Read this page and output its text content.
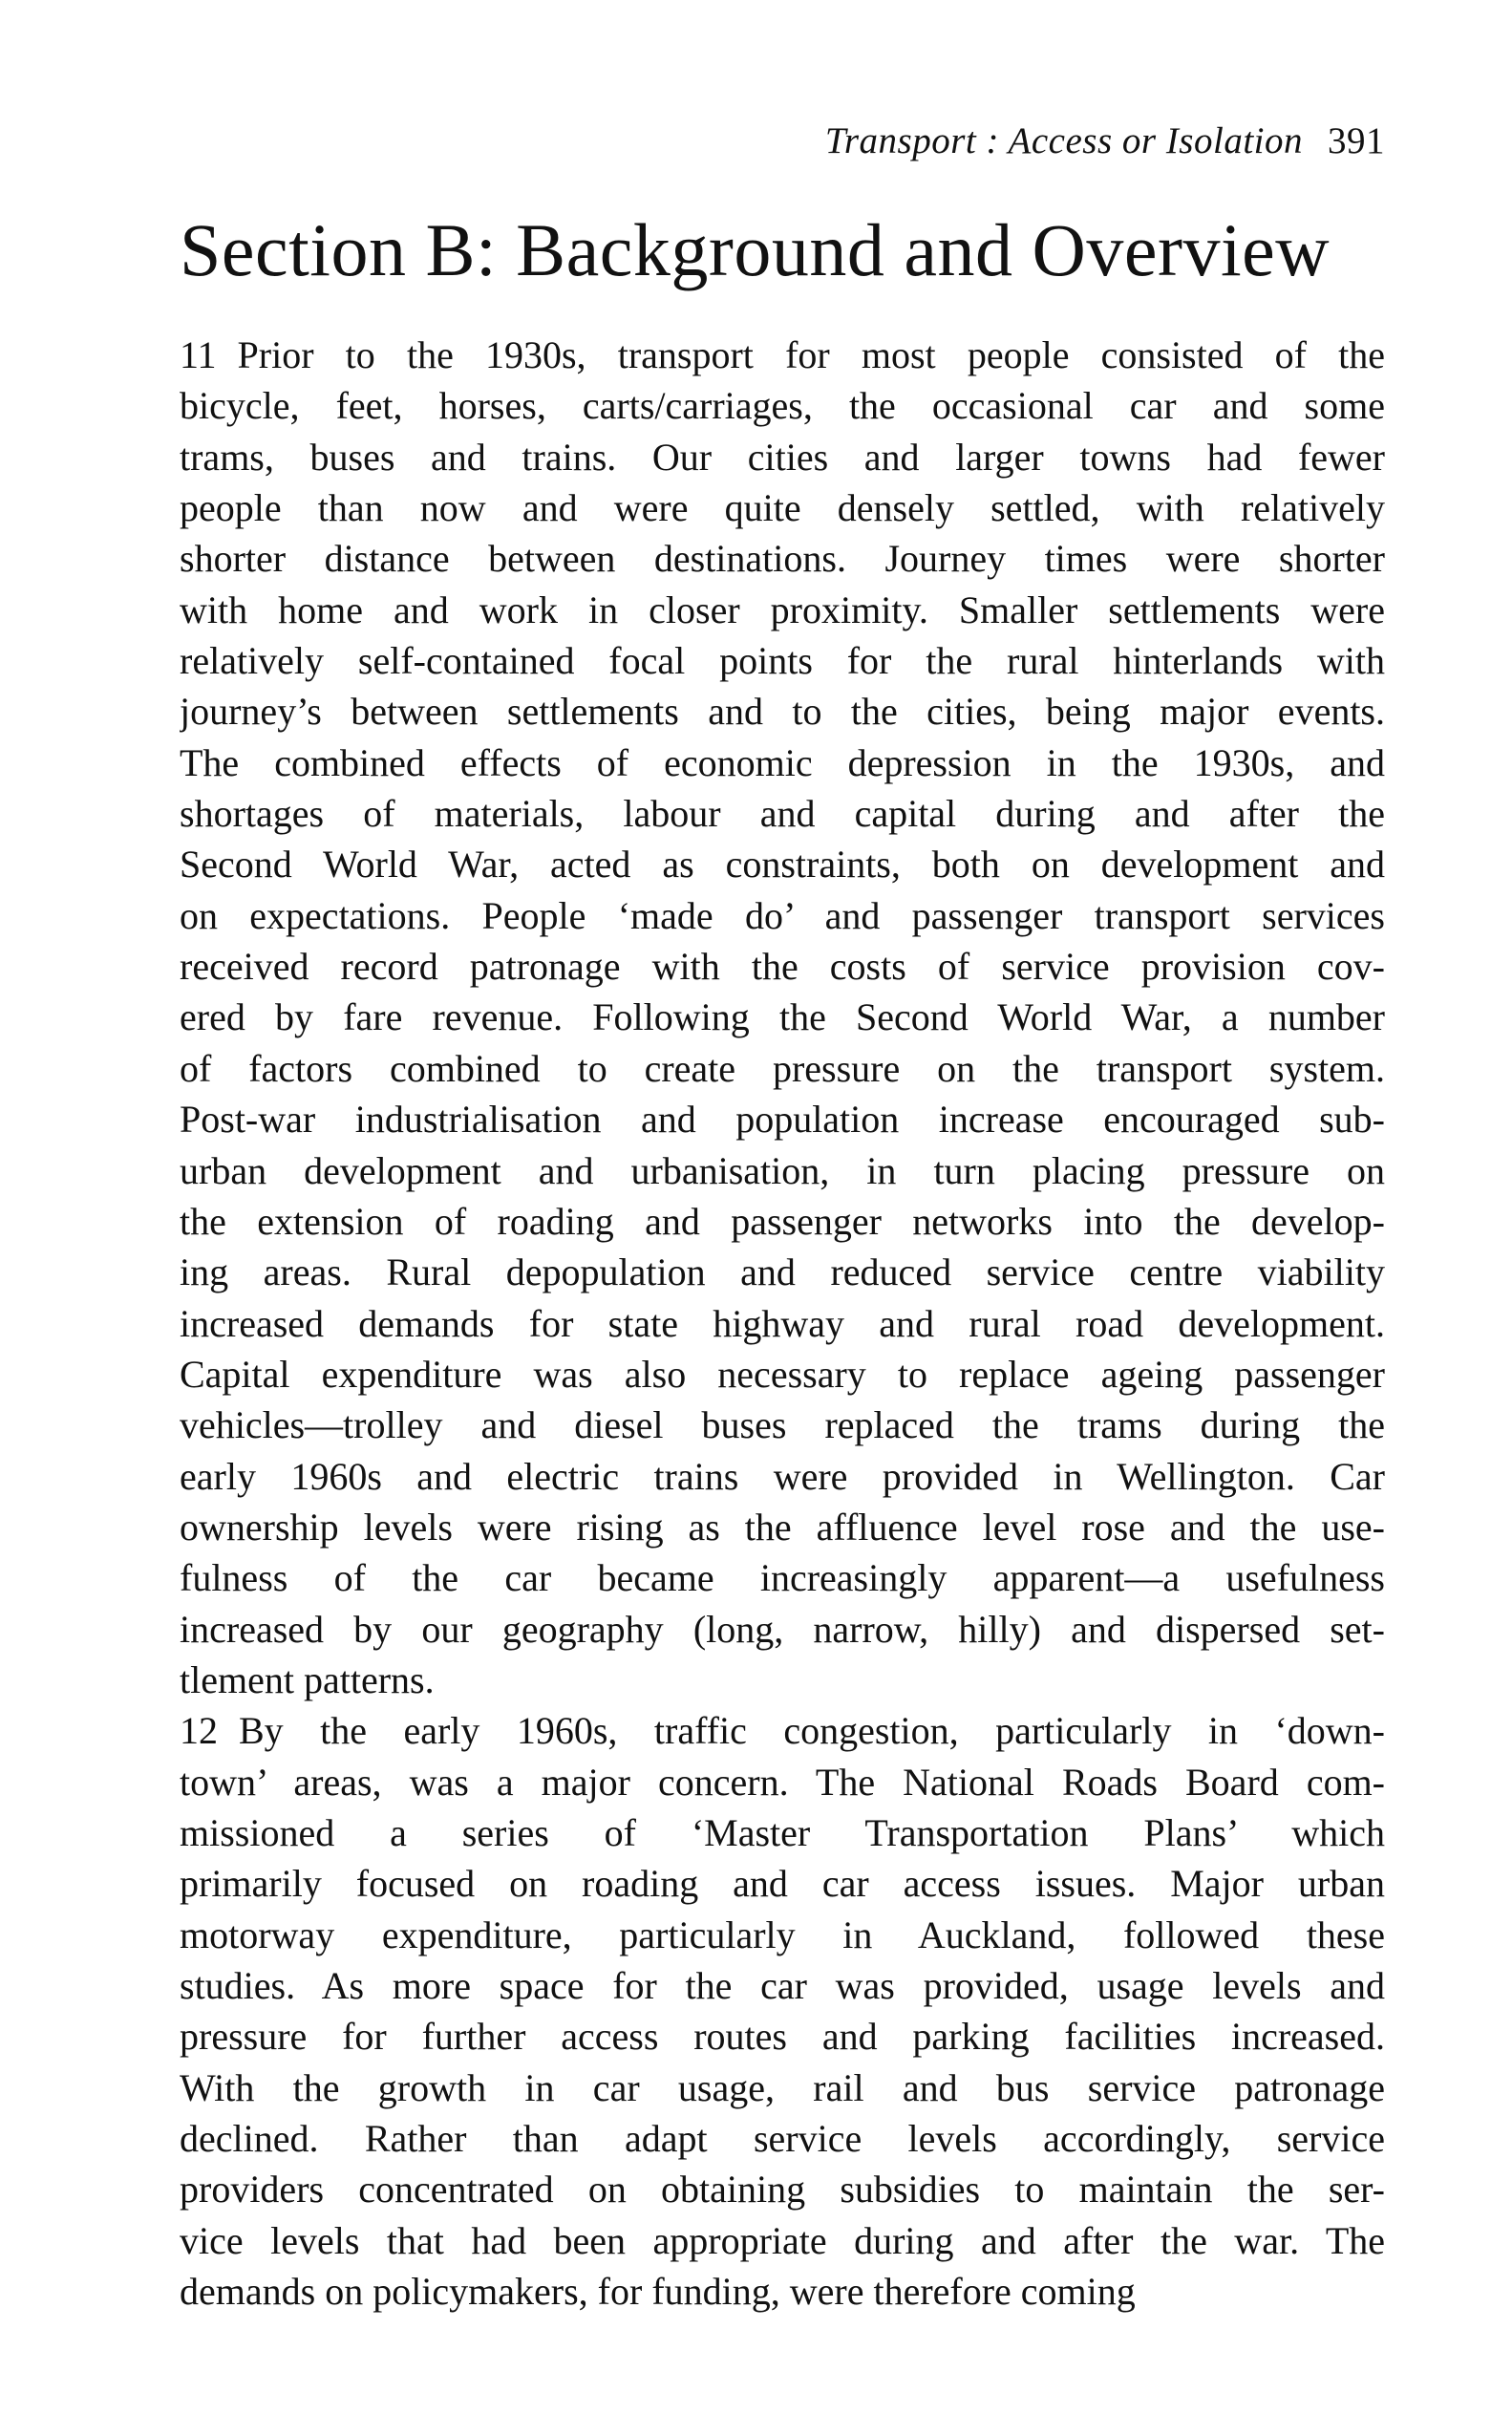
Transport : Access or Isolation 391
Section B: Background and Overview
11 Prior to the 1930s, transport for most people consisted of the
bicycle, feet, horses, carts/carriages, the occasional car and some
trams, buses and trains. Our cities and larger towns had fewer
people than now and were quite densely settled, with relatively
shorter distance between destinations. Journey times were shorter
with home and work in closer proximity. Smaller settlements were
relatively self-contained focal points for the rural hinterlands with
journey’s between settlements and to the cities, being major events.
The combined effects of economic depression in the 1930s, and
shortages of materials, labour and capital during and after the
Second World War, acted as constraints, both on development and
on expectations. People ‘made do’ and passenger transport services
received record patronage with the costs of service provision cov-
ered by fare revenue. Following the Second World War, a number
of factors combined to create pressure on the transport system.
Post-war industrialisation and population increase encouraged sub-
urban development and urbanisation, in turn placing pressure on
the extension of roading and passenger networks into the develop-
ing areas. Rural depopulation and reduced service centre viability
increased demands for state highway and rural road development.
Capital expenditure was also necessary to replace ageing passenger
vehicles—trolley and diesel buses replaced the trams during the
early 1960s and electric trains were provided in Wellington. Car
ownership levels were rising as the affluence level rose and the use-
fulness of the car became increasingly apparent—a usefulness
increased by our geography (long, narrow, hilly) and dispersed set-
tlement patterns.
12 By the early 1960s, traffic congestion, particularly in ‘down-
town’ areas, was a major concern. The National Roads Board com-
missioned a series of ‘Master Transportation Plans’ which
primarily focused on roading and car access issues. Major urban
motorway expenditure, particularly in Auckland, followed these
studies. As more space for the car was provided, usage levels and
pressure for further access routes and parking facilities increased.
With the growth in car usage, rail and bus service patronage
declined. Rather than adapt service levels accordingly, service
providers concentrated on obtaining subsidies to maintain the ser-
vice levels that had been appropriate during and after the war. The
demands on policymakers, for funding, were therefore coming
